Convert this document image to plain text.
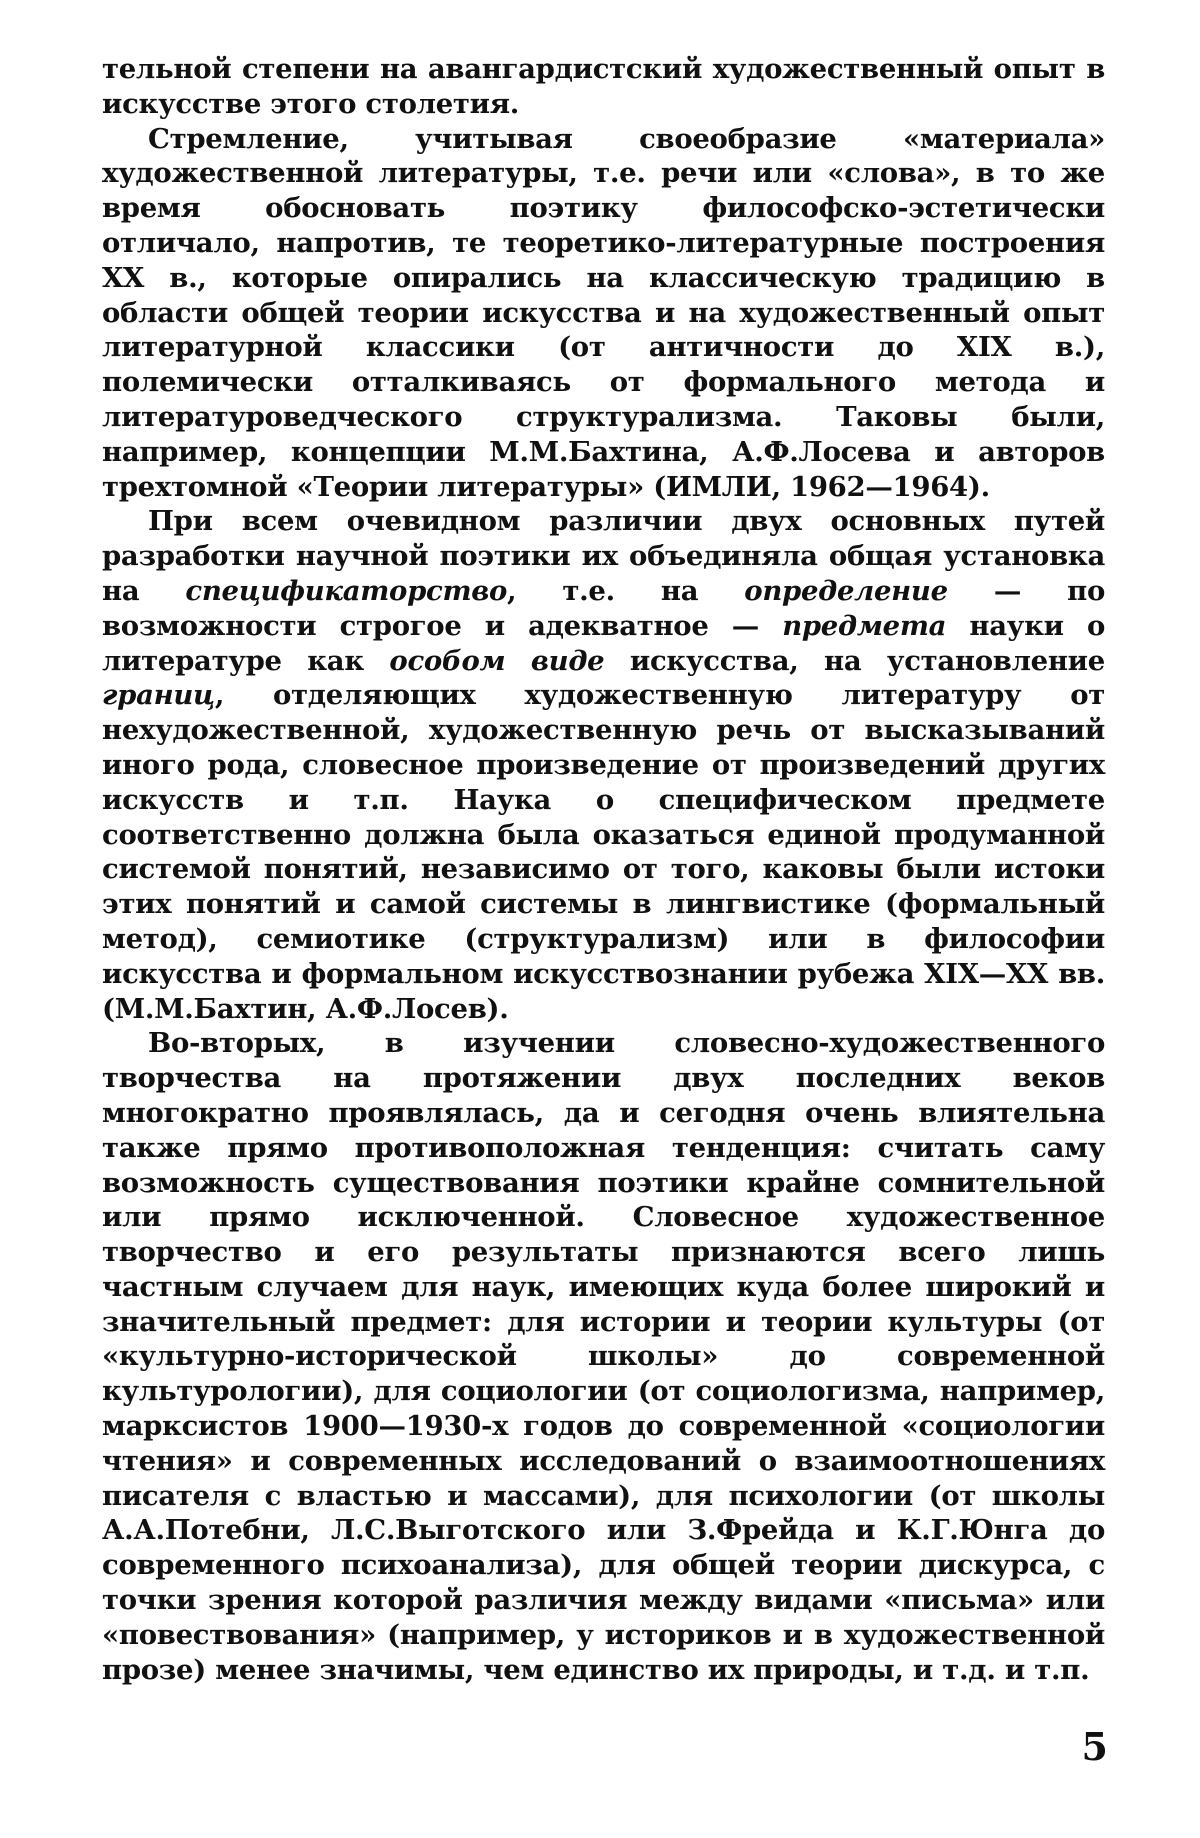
тельной степени на авангардистский художественный опыт в искусстве этого столетия.

Стремление, учитывая своеобразие «материала» художественной литературы, т.е. речи или «слова», в то же время обосновать поэтику философско-эстетически отличало, напротив, те теоретико-литературные построения XX в., которые опирались на классическую традицию в области общей теории искусства и на художественный опыт литературной классики (от античности до XIX в.), полемически отталкиваясь от формального метода и литературоведческого структурализма. Таковы были, например, концепции М.М.Бахтина, А.Ф.Лосева и авторов трехтомной «Теории литературы» (ИМЛИ, 1962—1964).

При всем очевидном различии двух основных путей разработки научной поэтики их объединяла общая установка на спецификаторство, т.е. на определение — по возможности строгое и адекватное — предмета науки о литературе как особом виде искусства, на установление границ, отделяющих художественную литературу от нехудожественной, художественную речь от высказываний иного рода, словесное произведение от произведений других искусств и т.п. Наука о специфическом предмете соответственно должна была оказаться единой продуманной системой понятий, независимо от того, каковы были истоки этих понятий и самой системы в лингвистике (формальный метод), семиотике (структурализм) или в философии искусства и формальном искусствознании рубежа XIX—XX вв. (М.М.Бахтин, А.Ф.Лосев).

Во-вторых, в изучении словесно-художественного творчества на протяжении двух последних веков многократно проявлялась, да и сегодня очень влиятельна также прямо противоположная тенденция: считать саму возможность существования поэтики крайне сомнительной или прямо исключенной. Словесное художественное творчество и его результаты признаются всего лишь частным случаем для наук, имеющих куда более широкий и значительный предмет: для истории и теории культуры (от «культурно-исторической школы» до современной культурологии), для социологии (от социологизма, например, марксистов 1900—1930-х годов до современной «социологии чтения» и современных исследований о взаимоотношениях писателя с властью и массами), для психологии (от школы А.А.Потебни, Л.С.Выготского или З.Фрейда и К.Г.Юнга до современного психоанализа), для общей теории дискурса, с точки зрения которой различия между видами «письма» или «повествования» (например, у историков и в художественной прозе) менее значимы, чем единство их природы, и т.д. и т.п.

5
